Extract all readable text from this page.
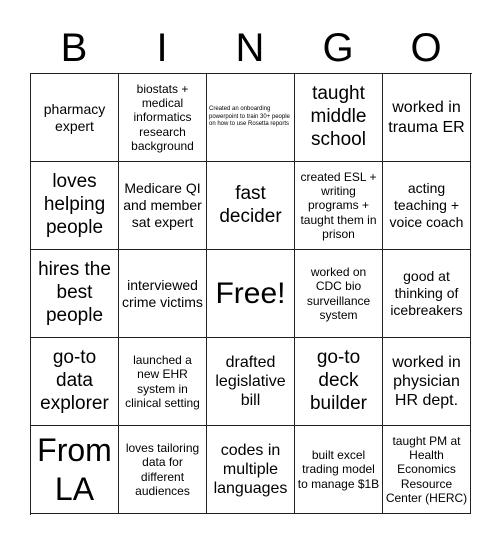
B	I	N	G	O
pharmacy expert
biostats + medical informatics research background
Created an onboarding powerpoint to train 30+ people on how to use Rosetta reports
taught middle school
worked in trauma ER
loves helping people
Medicare QI and member sat expert
fast decider
created ESL + writing programs + taught them in prison
acting teaching + voice coach
hires the best people
interviewed crime victims Free!
worked on CDC bio surveillance system
good at thinking of icebreakers
go-to data explorer
launched a new EHR system in clinical setting
drafted legislative bill
go-to deck builder
worked in physician HR dept.
From LA
loves tailoring data for different audiences
codes in multiple languages
built excel trading model to manage $1B
taught PM at Health Economics Resource Center (HERC)
